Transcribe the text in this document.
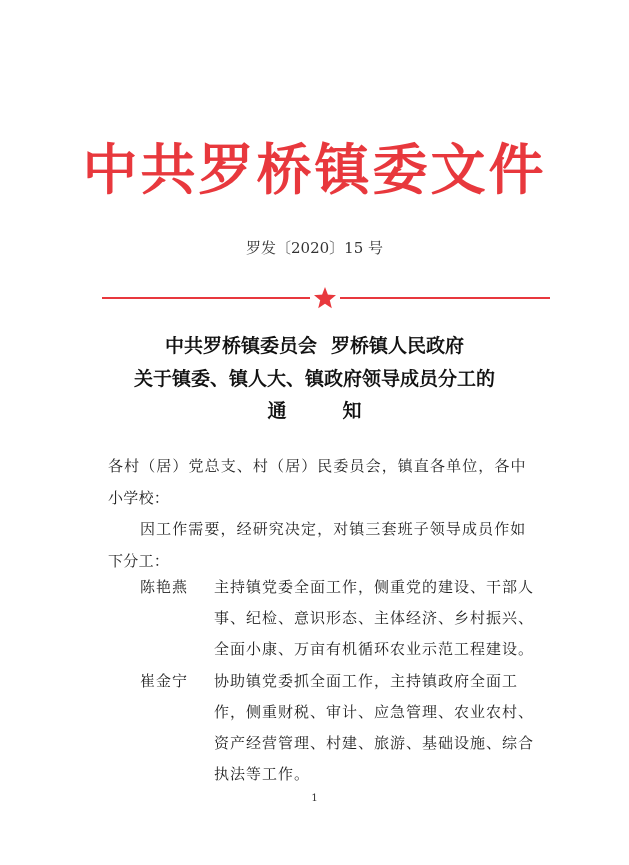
中共罗桥镇委文件
罗发〔2020〕15 号
中共罗桥镇委员会 罗桥镇人民政府
关于镇委、镇人大、镇政府领导成员分工的
通	知
各村（居）党总支、村（居）民委员会，镇直各单位，各中
小学校：
因工作需要，经研究决定，对镇三套班子领导成员作如
下分工：
陈艳燕 主持镇党委全面工作，侧重党的建设、干部人
事、纪检、意识形态、主体经济、乡村振兴、
全面小康、万亩有机循环农业示范工程建设。
崔金宁 协助镇党委抓全面工作，主持镇政府全面工
作，侧重财税、审计、应急管理、农业农村、
资产经营管理、村建、旅游、基础设施、综合
执法等工作。
1
